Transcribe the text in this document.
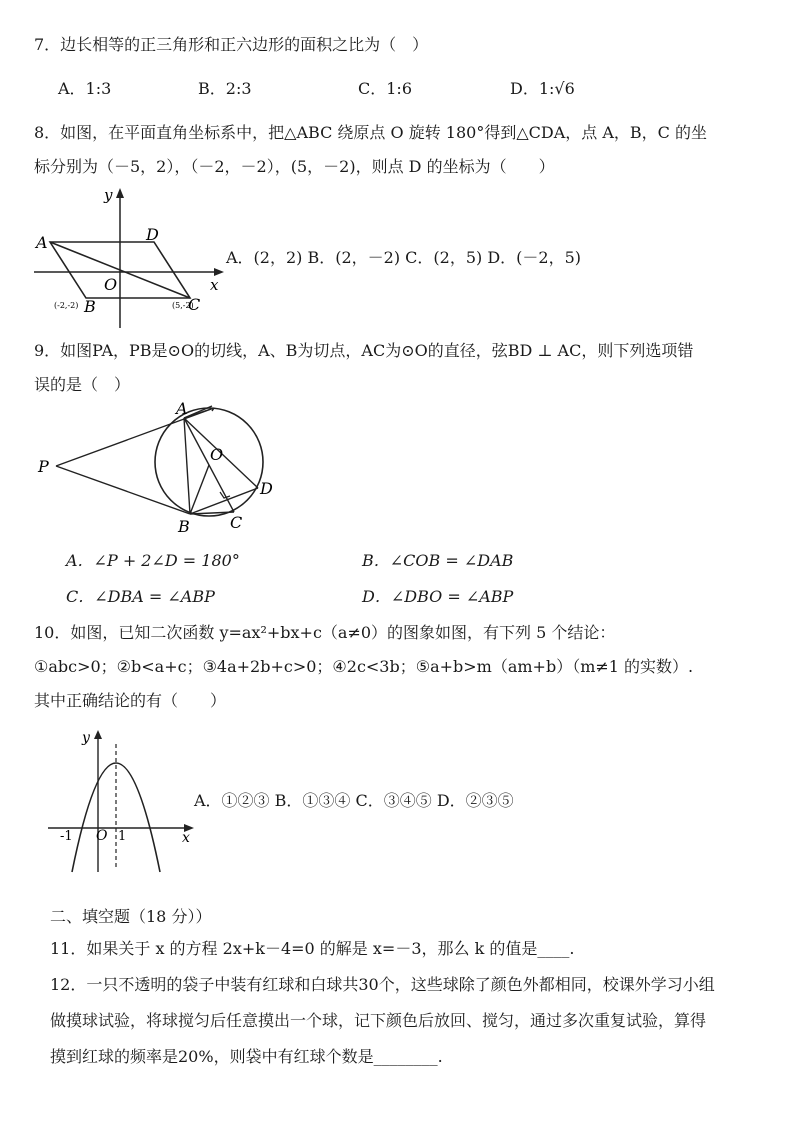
7．边长相等的正三角形和正六边形的面积之比为（　）
A．1:3	B．2:3	C．1:6	D．1:√6
8．如图，在平面直角坐标系中，把△ABC 绕原点 O 旋转 180°得到△CDA，点 A，B，C 的坐
标分别为（－5，2），（－2，－2），(5，－2)，则点 D 的坐标为（　　）
y
x
A	D
O
B	C
(-2,-2)	(5,-2)
A．(2，2) B．(2，－2) C．(2，5) D．(－2，5)
9．如图PA，PB是⊙O的切线，A、B为切点，AC为⊙O的直径，弦BD ⊥ AC，则下列选项错
误的是（　）
P
A
O
D
B	C
A．∠P + 2∠D = 180°	B．∠COB = ∠DAB
C．∠DBA = ∠ABP	D．∠DBO = ∠ABP
10．如图，已知二次函数 y=ax²+bx+c（a≠0）的图象如图，有下列 5 个结论：
①abc>0；②b<a+c；③4a+2b+c>0；④2c<3b；⑤a+b>m（am+b）（m≠1 的实数）.
其中正确结论的有（　　）
y
x
-1 O 1
A．①②③ B．①③④ C．③④⑤ D．②③⑤
二、填空题（18 分））
11．如果关于 x 的方程 2x+k－4=0 的解是 x=－3，那么 k 的值是____.
12．一只不透明的袋子中装有红球和白球共30个，这些球除了颜色外都相同，校课外学习小组
做摸球试验，将球搅匀后任意摸出一个球，记下颜色后放回、搅匀，通过多次重复试验，算得
摸到红球的频率是20%，则袋中有红球个数是________.
